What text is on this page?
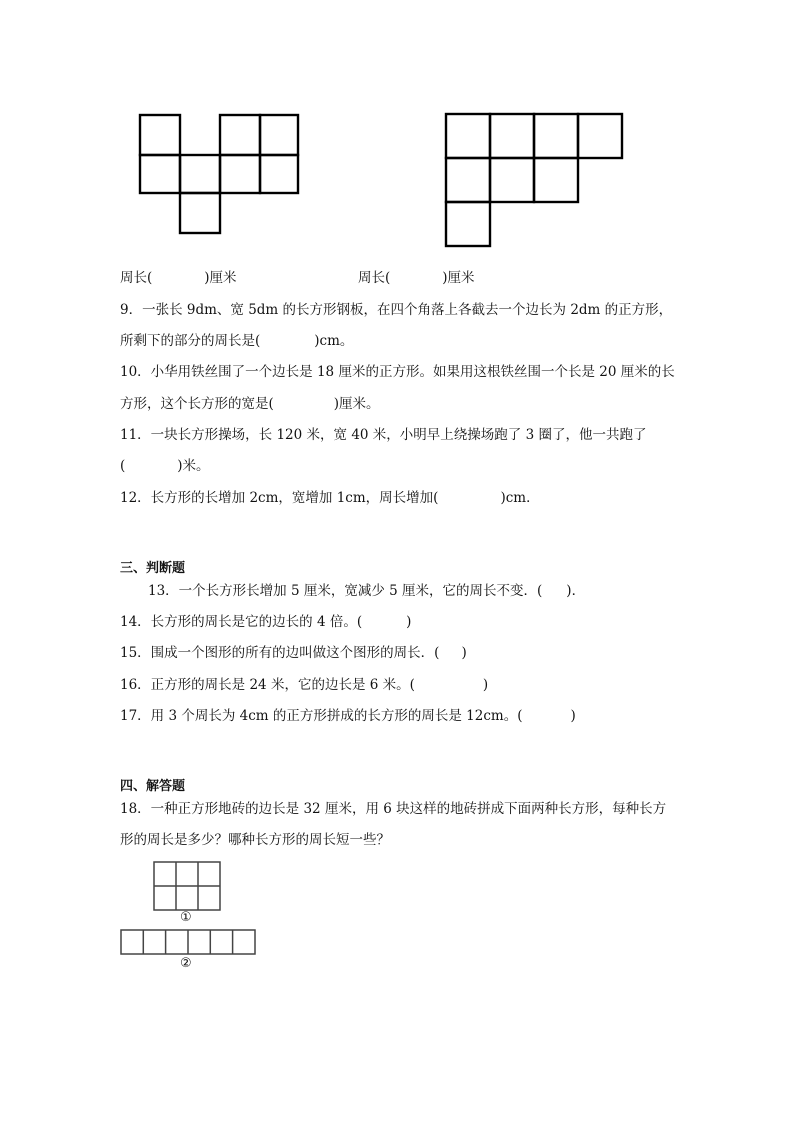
周长(	)厘米	周长(	)厘米
9．一张长 9dm、宽 5dm 的长方形钢板，在四个角落上各截去一个边长为 2dm 的正方形，
所剩下的部分的周长是(	)cm。
10．小华用铁丝围了一个边长是 18 厘米的正方形。如果用这根铁丝围一个长是 20 厘米的长
方形，这个长方形的宽是(	)厘米。
11．一块长方形操场，长 120 米，宽 40 米，小明早上绕操场跑了 3 圈了，他一共跑了
(	)米。
12．长方形的长增加 2cm，宽增加 1cm，周长增加(	)cm．
三、判断题
13．一个长方形长增加 5 厘米，宽减少 5 厘米，它的周长不变．( )．
14．长方形的周长是它的边长的 4 倍。(	)
15．围成一个图形的所有的边叫做这个图形的周长．( )
16．正方形的周长是 24 米，它的边长是 6 米。(	)
17．用 3 个周长为 4cm 的正方形拼成的长方形的周长是 12cm。(	)
四、解答题
18．一种正方形地砖的边长是 32 厘米，用 6 块这样的地砖拼成下面两种长方形，每种长方
形的周长是多少？哪种长方形的周长短一些？
①
②
